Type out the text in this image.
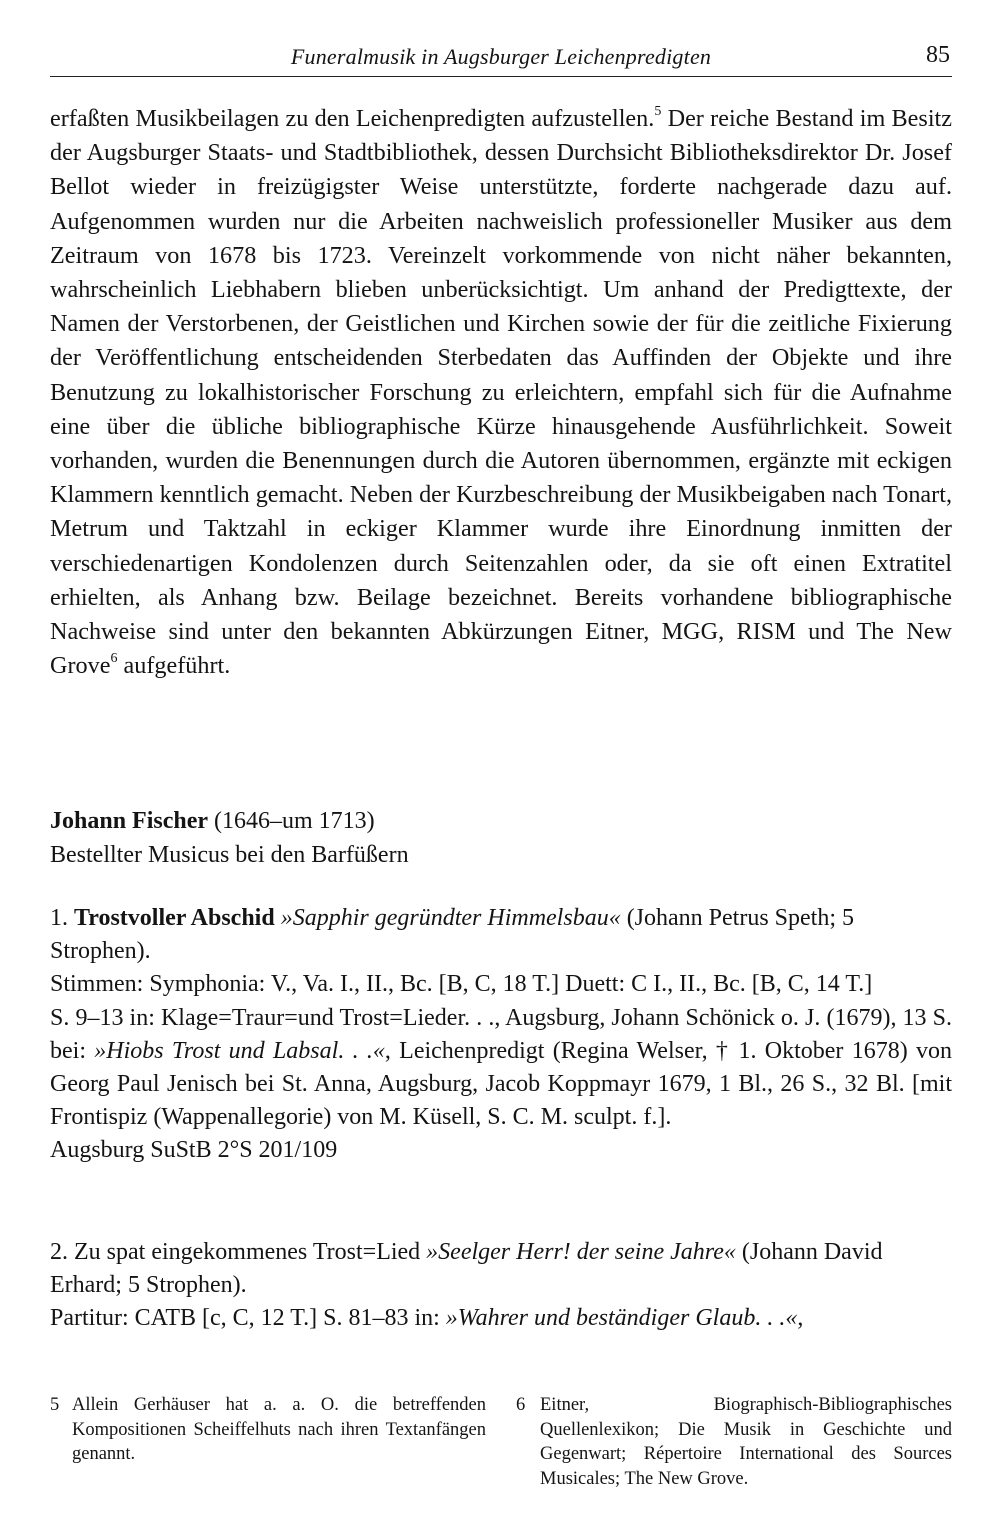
Funeralmusik in Augsburger Leichenpredigten	85

erfaßten Musikbeilagen zu den Leichenpredigten aufzustellen.$^5$ Der reiche Bestand im Besitz der Augsburger Staats- und Stadtbibliothek, dessen Durchsicht Bibliotheksdirektor Dr. Josef Bellot wieder in freizügigster Weise unterstützte, forderte nachgerade dazu auf. Aufgenommen wurden nur die Arbeiten nachweislich professioneller Musiker aus dem Zeitraum von 1678 bis 1723. Vereinzelt vorkommende von nicht näher bekannten, wahrscheinlich Liebhabern blieben unberücksichtigt. Um anhand der Predigttexte, der Namen der Verstorbenen, der Geistlichen und Kirchen sowie der für die zeitliche Fixierung der Veröffentlichung entscheidenden Sterbedaten das Auffinden der Objekte und ihre Benutzung zu lokalhistorischer Forschung zu erleichtern, empfahl sich für die Aufnahme eine über die übliche bibliographische Kürze hinausgehende Ausführlichkeit. Soweit vorhanden, wurden die Benennungen durch die Autoren übernommen, ergänzte mit eckigen Klammern kenntlich gemacht. Neben der Kurzbeschreibung der Musikbeigaben nach Tonart, Metrum und Taktzahl in eckiger Klammer wurde ihre Einordnung inmitten der verschiedenartigen Kondolenzen durch Seitenzahlen oder, da sie oft einen Extratitel erhielten, als Anhang bzw. Beilage bezeichnet. Bereits vorhandene bibliographische Nachweise sind unter den bekannten Abkürzungen Eitner, MGG, RISM und The New Grove$^6$ aufgeführt.

Johann Fischer (1646–um 1713)
Bestellter Musicus bei den Barfüßern

1. Trostvoller Abschid »Sapphir gegründter Himmelsbau« (Johann Petrus Speth; 5 Strophen).

Stimmen: Symphonia: V., Va. I., II., Bc. [B, C, 18 T.] Duett: C I., II., Bc. [B, C, 14 T.]

S. 9–13 in: Klage=Traur=und Trost=Lieder. . ., Augsburg, Johann Schönick o. J. (1679), 13 S. bei: »Hiobs Trost und Labsal. . .«, Leichenpredigt (Regina Welser, † 1. Oktober 1678) von Georg Paul Jenisch bei St. Anna, Augsburg, Jacob Koppmayr 1679, 1 Bl., 26 S., 32 Bl. [mit Frontispiz (Wappenallegorie) von M. Küsell, S. C. M. sculpt. f.].

Augsburg SuStB 2°S 201/109

2. Zu spat eingekommenes Trost=Lied »Seelger Herr! der seine Jahre« (Johann David Erhard; 5 Strophen).

Partitur: CATB [c, C, 12 T.] S. 81–83 in: »Wahrer und beständiger Glaub. . .«,

5 Allein Gerhäuser hat a. a. O. die betreffenden Kompositionen Scheiffelhuts nach ihren Textanfängen genannt.
6 Eitner, Biographisch-Bibliographisches Quellenlexikon; Die Musik in Geschichte und Gegenwart; Répertoire International des Sources Musicales; The New Grove.
